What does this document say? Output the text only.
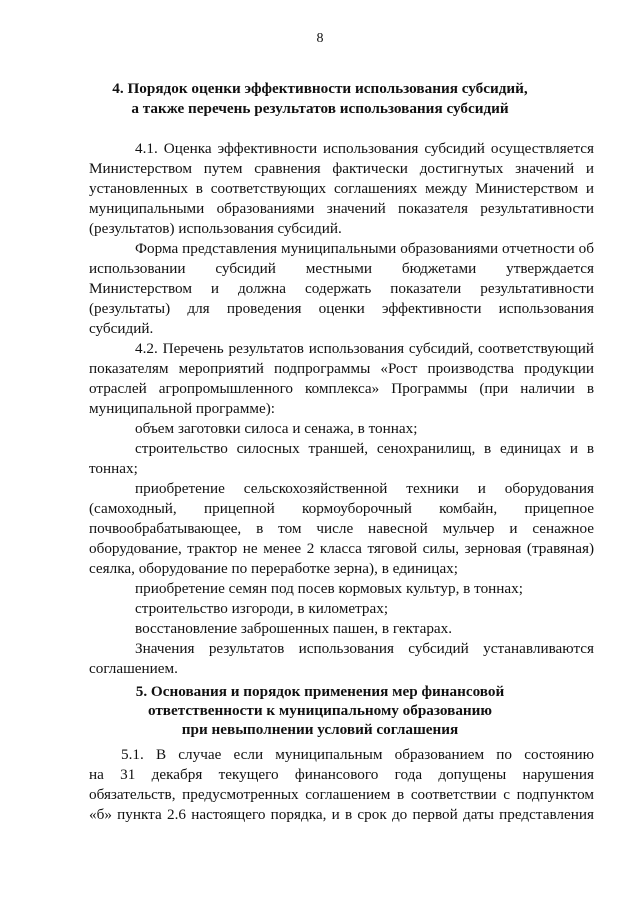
8
4. Порядок оценки эффективности использования субсидий,
а также перечень результатов использования субсидий

4.1. Оценка эффективности использования субсидий осуществляется

Министерством путем сравнения фактически достигнутых значений и

установленных в соответствующих соглашениях между Министерством и

муниципальными образованиями значений показателя результативности

(результатов) использования субсидий.

Форма представления муниципальными образованиями отчетности об

использовании субсидий местными бюджетами утверждается

Министерством и должна содержать показатели результативности

(результаты) для проведения оценки эффективности использования

субсидий.

4.2. Перечень результатов использования субсидий, соответствующий

показателям мероприятий подпрограммы «Рост производства продукции

отраслей агропромышленного комплекса» Программы (при наличии в

муниципальной программе):

объем заготовки силоса и сенажа, в тоннах;

строительство силосных траншей, сенохранилищ, в единицах и в

тоннах;

приобретение сельскохозяйственной техники и оборудования

(самоходный, прицепной кормоуборочный комбайн, прицепное

почвообрабатывающее, в том числе навесной мульчер и сенажное

оборудование, трактор не менее 2 класса тяговой силы, зерновая (травяная)

сеялка, оборудование по переработке зерна), в единицах;

приобретение семян под посев кормовых культур, в тоннах;

строительство изгороди, в километрах;

восстановление заброшенных пашен, в гектарах.

Значения результатов использования субсидий устанавливаются

соглашением.

5. Основания и порядок применения мер финансовой
ответственности к муниципальному образованию
при невыполнении условий соглашения

5.1. В случае если муниципальным образованием по состоянию

на 31 декабря текущего финансового года допущены нарушения

обязательств, предусмотренных соглашением в соответствии с подпунктом

«б» пункта 2.6 настоящего порядка, и в срок до первой даты представления
